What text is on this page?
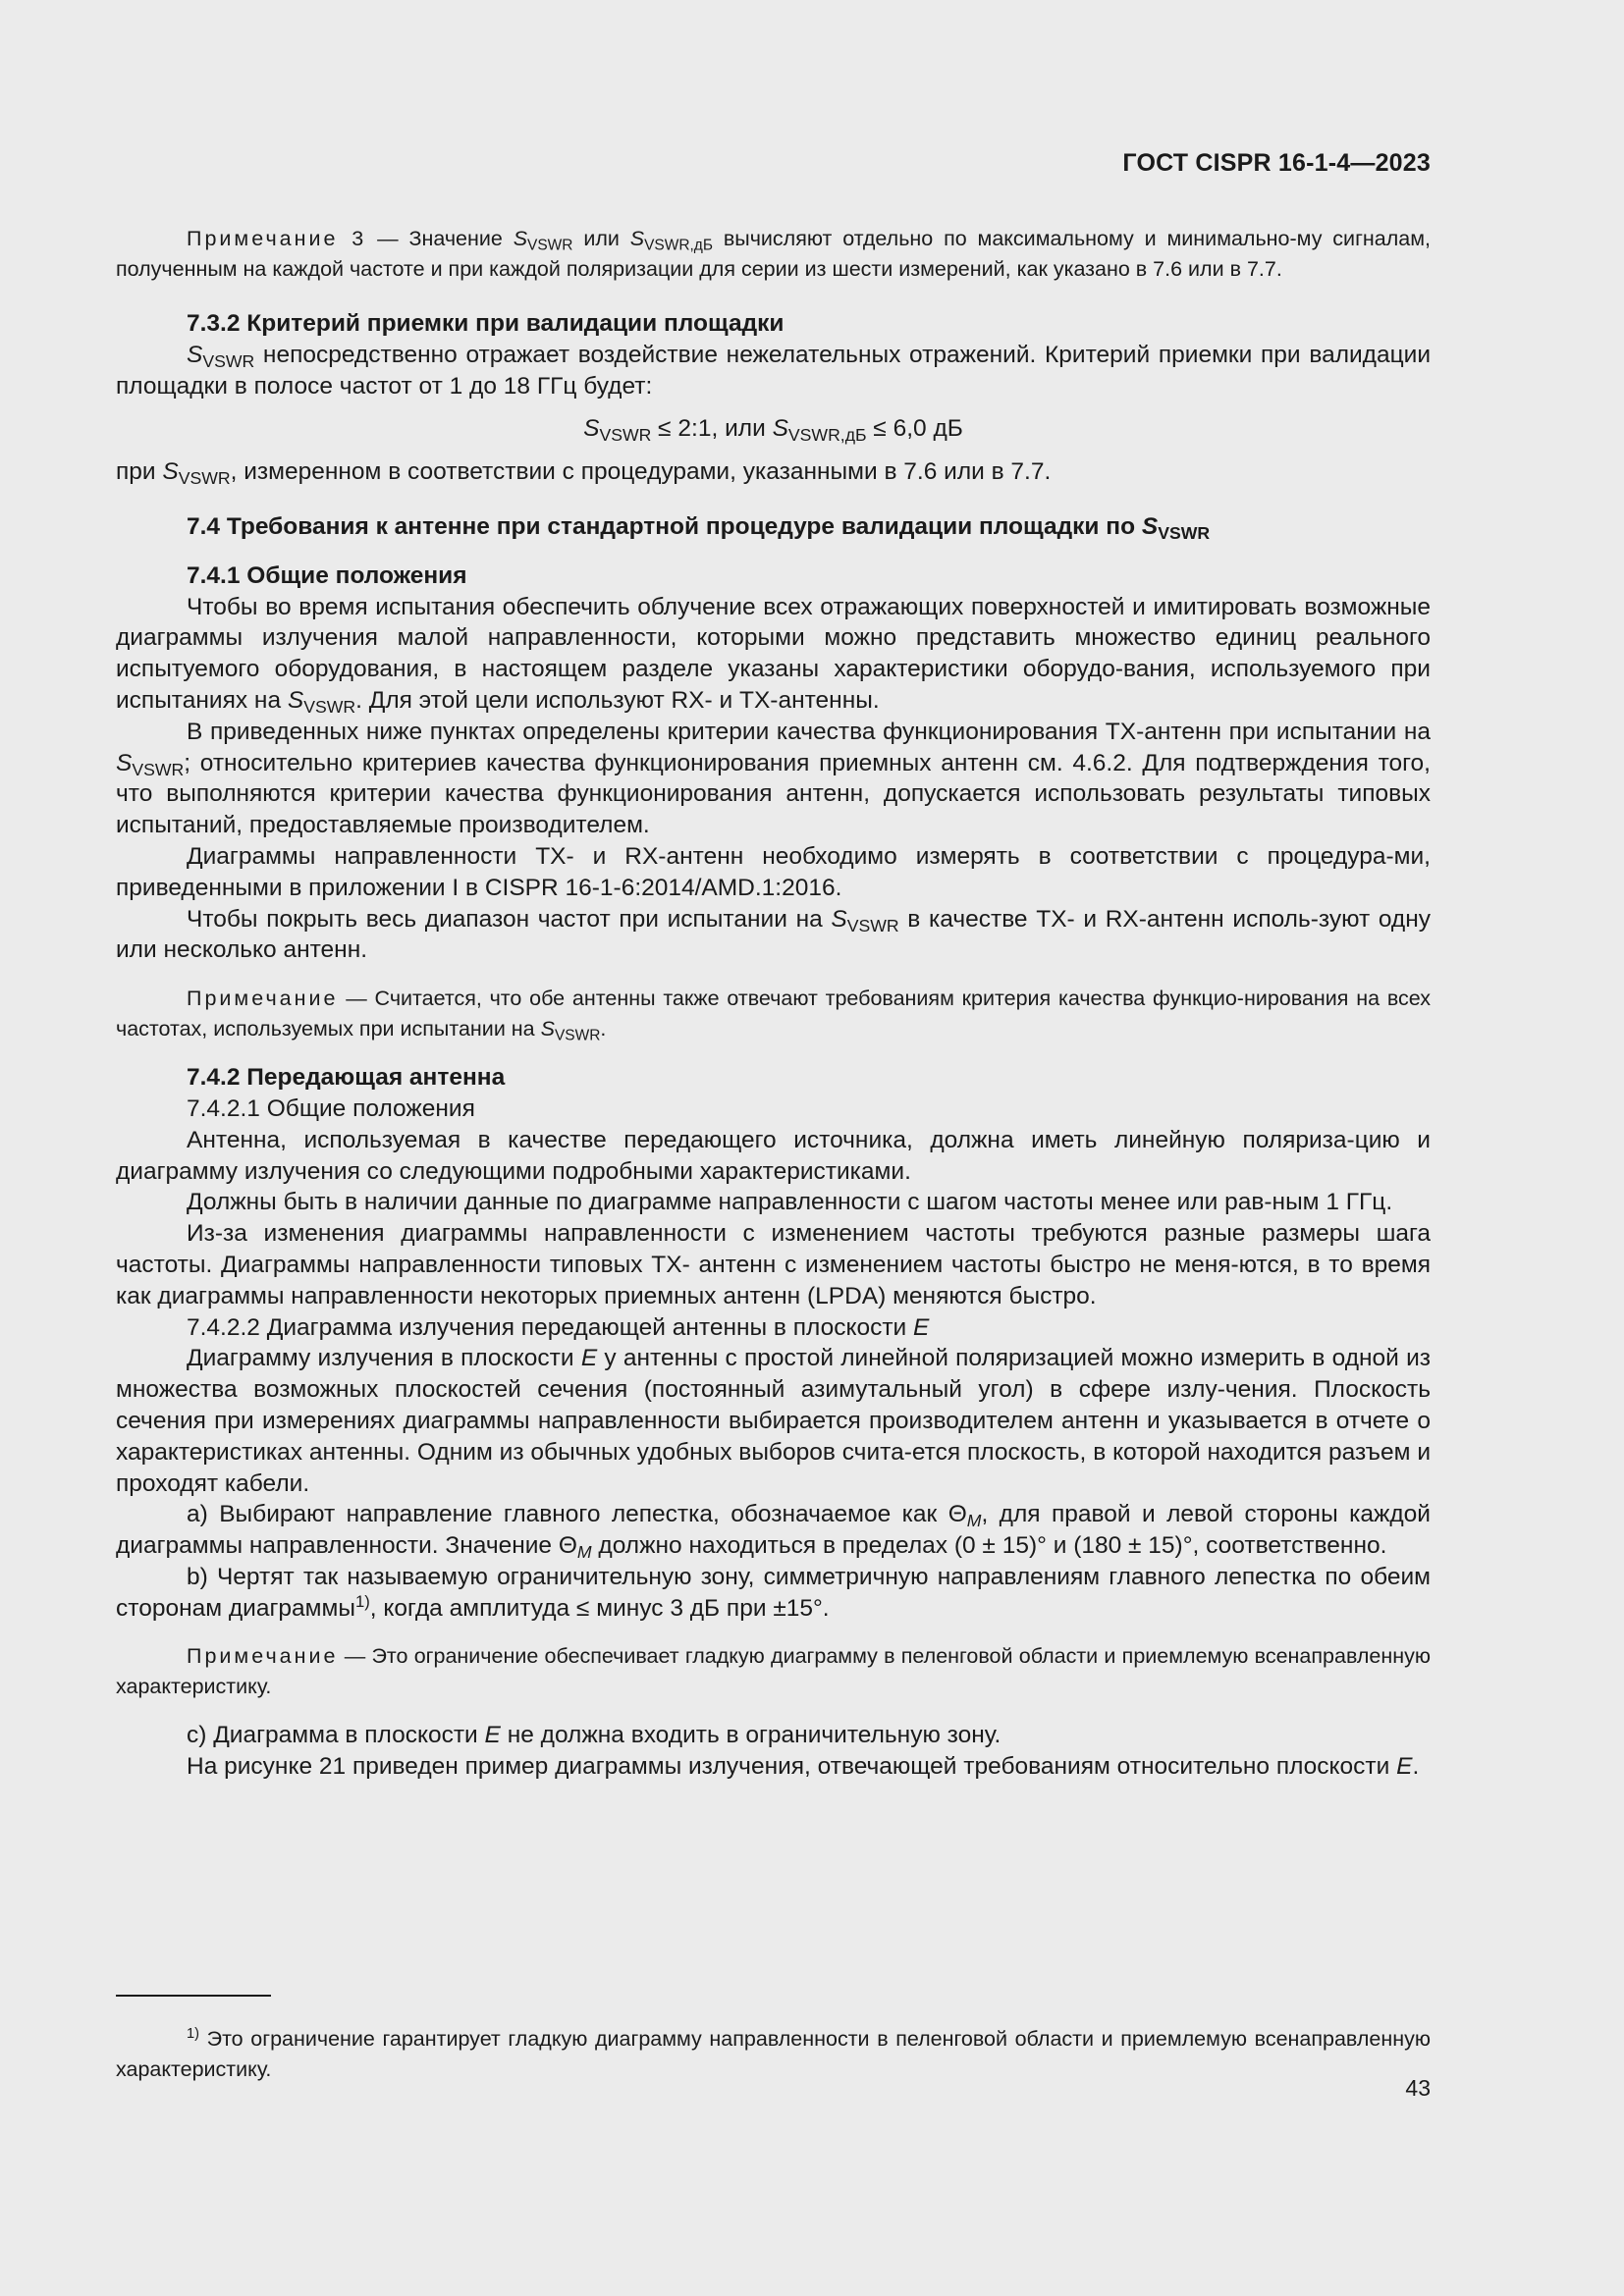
ГОСТ CISPR 16-1-4—2023

Примечание 3 — Значение $S_{VSWR}$ или $S_{VSWR,дБ}$ вычисляют отдельно по максимальному и минимально-му сигналам, полученным на каждой частоте и при каждой поляризации для серии из шести измерений, как указано в 7.6 или в 7.7.

7.3.2 Критерий приемки при валидации площадки

$S_{VSWR}$ непосредственно отражает воздействие нежелательных отражений. Критерий приемки при валидации площадки в полосе частот от 1 до 18 ГГц будет:

$S_{VSWR}$ ≤ 2:1, или $S_{VSWR,дБ} \le 6,0$ дБ

при $S_{VSWR}$, измеренном в соответствии с процедурами, указанными в 7.6 или в 7.7.

7.4 Требования к антенне при стандартной процедуре валидации площадки по $S_{VSWR}$

7.4.1 Общие положения

Чтобы во время испытания обеспечить облучение всех отражающих поверхностей и имитировать возможные диаграммы излучения малой направленности, которыми можно представить множество единиц реального испытуемого оборудования, в настоящем разделе указаны характеристики оборудо-вания, используемого при испытаниях на $S_{VSWR}$. Для этой цели используют RX- и TX-антенны.

В приведенных ниже пунктах определены критерии качества функционирования TX-антенн при испытании на $S_{VSWR}$; относительно критериев качества функционирования приемных антенн см. 4.6.2. Для подтверждения того, что выполняются критерии качества функционирования антенн, допускается использовать результаты типовых испытаний, предоставляемые производителем.

Диаграммы направленности TX- и RX-антенн необходимо измерять в соответствии с процедура-ми, приведенными в приложении I в CISPR 16-1-6:2014/AMD.1:2016.

Чтобы покрыть весь диапазон частот при испытании на $S_{VSWR}$ в качестве TX- и RX-антенн исполь-зуют одну или несколько антенн.

Примечание — Считается, что обе антенны также отвечают требованиям критерия качества функцио-нирования на всех частотах, используемых при испытании на $S_{VSWR}$.

7.4.2 Передающая антенна

7.4.2.1 Общие положения

Антенна, используемая в качестве передающего источника, должна иметь линейную поляриза-цию и диаграмму излучения со следующими подробными характеристиками.

Должны быть в наличии данные по диаграмме направленности с шагом частоты менее или рав-ным 1 ГГц.

Из-за изменения диаграммы направленности с изменением частоты требуются разные размеры шага частоты. Диаграммы направленности типовых TX- антенн с изменением частоты быстро не меня-ются, в то время как диаграммы направленности некоторых приемных антенн (LPDA) меняются быстро.

7.4.2.2 Диаграмма излучения передающей антенны в плоскости E

Диаграмму излучения в плоскости E у антенны с простой линейной поляризацией можно измерить в одной из множества возможных плоскостей сечения (постоянный азимутальный угол) в сфере излу-чения. Плоскость сечения при измерениях диаграммы направленности выбирается производителем антенн и указывается в отчете о характеристиках антенны. Одним из обычных удобных выборов счита-ется плоскость, в которой находится разъем и проходят кабели.

a) Выбирают направление главного лепестка, обозначаемое как $\Theta_M$, для правой и левой стороны каждой диаграммы направленности. Значение $\Theta_M$ должно находиться в пределах (0 ± 15)° и (180 ± 15)°, соответственно.

b) Чертят так называемую ограничительную зону, симметричную направлениям главного лепестка по обеим сторонам диаграммы$^{1)}$, когда амплитуда ≤ минус 3 дБ при ±15°.

Примечание — Это ограничение обеспечивает гладкую диаграмму в пеленговой области и приемлемую всенаправленную характеристику.

c) Диаграмма в плоскости E не должна входить в ограничительную зону.

На рисунке 21 приведен пример диаграммы излучения, отвечающей требованиям относительно плоскости E.

$^{1)}$ Это ограничение гарантирует гладкую диаграмму направленности в пеленговой области и приемлемую всенаправленную характеристику.

43
